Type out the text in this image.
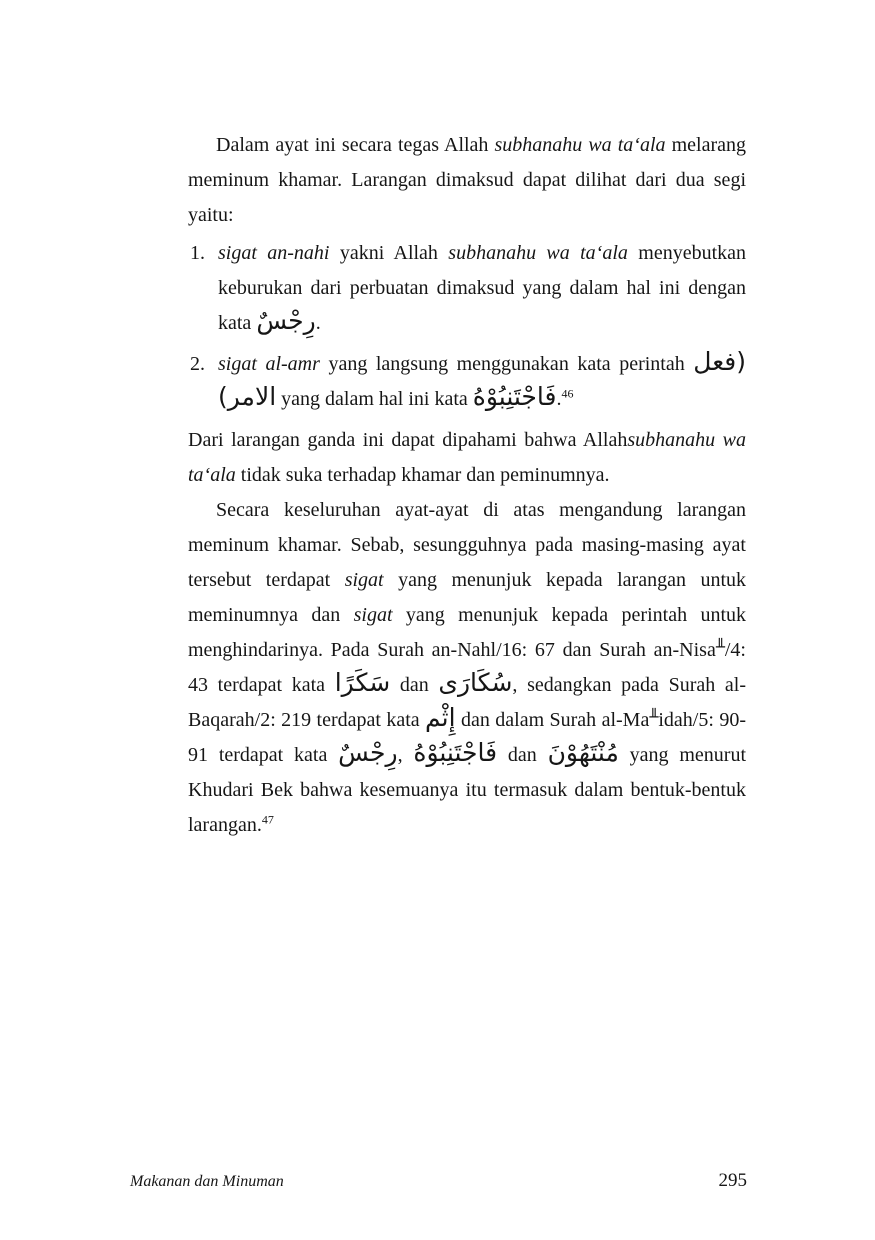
Dalam ayat ini secara tegas Allah subhanahu wa ta‘ala melarang meminum khamar. Larangan dimaksud dapat dilihat dari dua segi yaitu:

1. sigat an-nahi yakni Allah subhanahu wa ta‘ala menyebutkan keburukan dari perbuatan dimaksud yang dalam hal ini dengan kata رِجْسٌ.
2. sigat al-amr yang langsung menggunakan kata perintah (فعل الامر) yang dalam hal ini kata فَاجْتَنِبُوْهُ.$^{46}$

Dari larangan ganda ini dapat dipahami bahwa Allahsubhanahu wa ta‘ala tidak suka terhadap khamar dan peminumnya.

Secara keseluruhan ayat-ayat di atas mengandung larangan meminum khamar. Sebab, sesungguhnya pada masing-masing ayat tersebut terdapat sigat yang menunjuk kepada larangan untuk meminumnya dan sigat yang menunjuk kepada perintah untuk menghindarinya. Pada Surah an-Nahl/16: 67 dan Surah an-Nisa╨/4: 43 terdapat kata سَكَرًا dan سُكَارَى, sedangkan pada Surah al-Baqarah/2: 219 terdapat kata إِثْم dan dalam Surah al-Ma╨idah/5: 90-91 terdapat kata رِجْسٌ, فَاجْتَنِبُوْهُ dan مُنْتَهُوْنَ yang menurut Khudari Bek bahwa kesemuanya itu termasuk dalam bentuk-bentuk larangan.$^{47}$

Makanan dan Minuman	295
